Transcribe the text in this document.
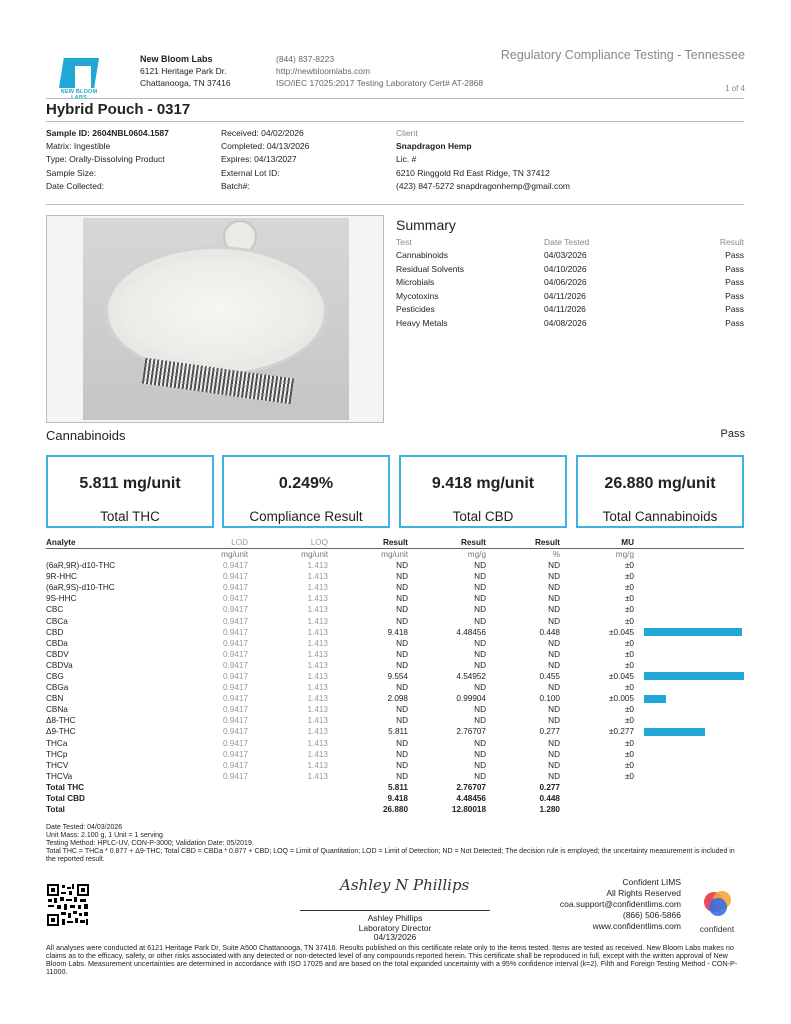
NEW BLOOM
New Bloom Labs
6121 Heritage Park Dr.
Chattanooga, TN 37416
(844) 837-8223
http://newbloomlabs.com
ISO/IEC 17025:2017 Testing Laboratory Cert# AT-2868
Regulatory Compliance Testing - Tennessee
1 of 4
Hybrid Pouch - 0317
Sample ID: 2604NBL0604.1587
Matrix: Ingestible
Type: Orally-Dissolving Product
Sample Size:
Date Collected:
Received: 04/02/2026
Completed: 04/13/2026
Expires: 04/13/2027
External Lot ID:
Batch#:
Client
Snapdragon Hemp
Lic. #
6210 Ringgold Rd East Ridge, TN 37412
(423) 847-5272 snapdragonhemp@gmail.com
Summary
Test	Date Tested	Result
Cannabinoids	04/03/2026	Pass
Residual Solvents	04/10/2026	Pass
Microbials	04/06/2026	Pass
Mycotoxins	04/11/2026	Pass
Pesticides	04/11/2026	Pass
Heavy Metals	04/08/2026	Pass
Cannabinoids	Pass
5.811 mg/unit
Total THC
0.249%
Compliance Result
9.418 mg/unit
Total CBD
26.880 mg/unit
Total Cannabinoids
Analyte	LOD	LOQ	Result	Result	Result	MU	
	mg/unit	mg/unit	mg/unit	mg/g	%	mg/g	
(6aR,9R)-d10-THC	0.9417	1.413	ND	ND	ND	±0	
9R-HHC	0.9417	1.413	ND	ND	ND	±0	
(6aR,9S)-d10-THC	0.9417	1.413	ND	ND	ND	±0	
9S-HHC	0.9417	1.413	ND	ND	ND	±0	
CBC	0.9417	1.413	ND	ND	ND	±0	
CBCa	0.9417	1.413	ND	ND	ND	±0	
CBD	0.9417	1.413	9.418	4.48456	0.448	±0.045	

CBDa	0.9417	1.413	ND	ND	ND	±0	
CBDV	0.9417	1.413	ND	ND	ND	±0	
CBDVa	0.9417	1.413	ND	ND	ND	±0	
CBG	0.9417	1.413	9.554	4.54952	0.455	±0.045	

CBGa	0.9417	1.413	ND	ND	ND	±0	
CBN	0.9417	1.413	2.098	0.99904	0.100	±0.005	

CBNa	0.9417	1.413	ND	ND	ND	±0	
Δ8-THC	0.9417	1.413	ND	ND	ND	±0	
Δ9-THC	0.9417	1.413	5.811	2.76707	0.277	±0.277	

THCa	0.9417	1.413	ND	ND	ND	±0	
THCp	0.9417	1.413	ND	ND	ND	±0	
THCV	0.9417	1.413	ND	ND	ND	±0	
THCVa	0.9417	1.413	ND	ND	ND	±0	
Total THC			5.811	2.76707	0.277		
Total CBD			9.418	4.48456	0.448		
Total			26.880	12.80018	1.280		
Date Tested: 04/03/2026
Unit Mass: 2.100 g, 1 Unit = 1 serving
Testing Method: HPLC-UV, CON-P-3000; Validation Date: 05/2019.
Total THC = THCa * 0.877 + Δ9-THC; Total CBD = CBDa * 0.877 + CBD; LOQ = Limit of Quantitation; LOD = Limit of Detection; ND = Not Detected; The decision rule is employed; the uncertainty measurement is included in the reported result.
Ashley N Phillips
Ashley Phillips
Laboratory Director
04/13/2026
Confident LIMS
All Rights Reserved
coa.support@confidentlims.com
(866) 506-5866
www.confidentlims.com	confident
All analyses were conducted at 6121 Heritage Park Dr, Suite A500 Chattanooga, TN 37416. Results published on this certificate relate only to the items tested. Items are tested as received. New Bloom Labs makes no claims as to the efficacy, safety, or other risks associated with any detected or non-detected level of any compounds reported herein. This certificate shall be reproduced in full, except with the written approval of New Bloom Labs. Measurement uncertainties are determined in accordance with ISO 17025 and are based on the total expanded uncertainty with a 95% confidence interval (k=2). Filth and Foreign Testing Method - CON-P-11000.
